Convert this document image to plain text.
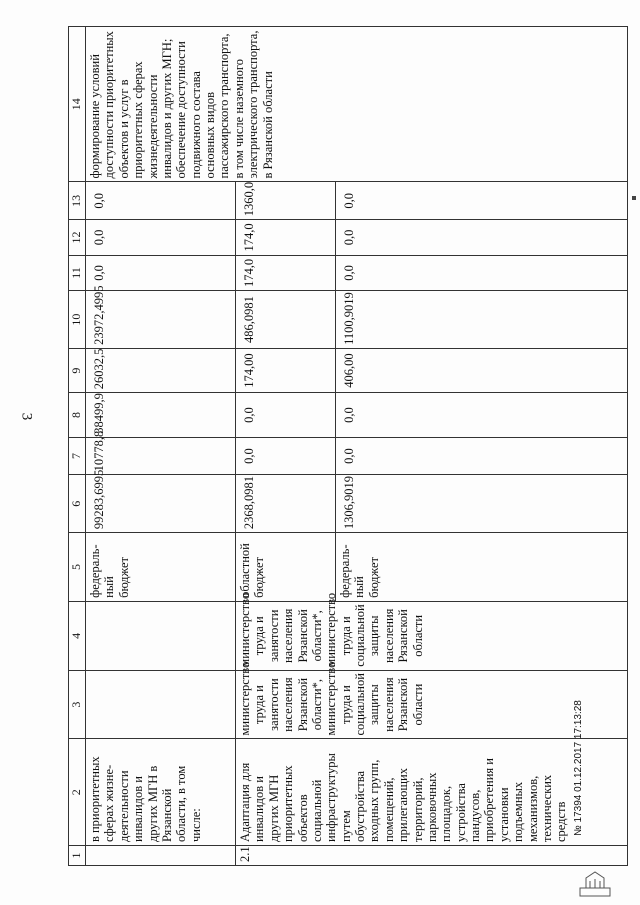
3
1	2	3	4	5	6	7	8	9	10	11	12	13	14
	в приоритетных сферах жизне-деятельности инвалидов и других МГН в Рязанской области, в том числе:			федераль-ный бюджет	99283,6995	10778,8	38499,9	26032,5	23972,4995	0,0	0,0	0,0	формирование условий доступности приоритетных объектов и услуг в приоритетных сферах жизнедеятельности инвалидов и других МГН; обеспечение доступности подвижного состава основных видов пассажирского транспорта, в том числе наземного электрического транспорта, в Рязанской области
2.1	Адаптация для инвалидов и других МГН приоритетных объектов социальной инфраструктуры путем обустройства входных групп, помещений, прилегающих территорий, парковочных площадок, устройства пандусов, приобретения и установки подъемных механизмов, технических средств	министерство труда и занятости населения Рязанской области*, министерство труда и социальной защиты населения Рязанской области	министерство труда и занятости населения Рязанской области*, министерство труда и социальной защиты населения Рязанской области	областной бюджет	2368,0981	0,0	0,0	174,00	486,0981	174,0	174,0	1360,0	
				федераль-ный бюджет	1306,9019	0,0	0,0	406,00	1100,9019	0,0	0,0	0,0	
№ 17394 01.12.2017 17:13:28
